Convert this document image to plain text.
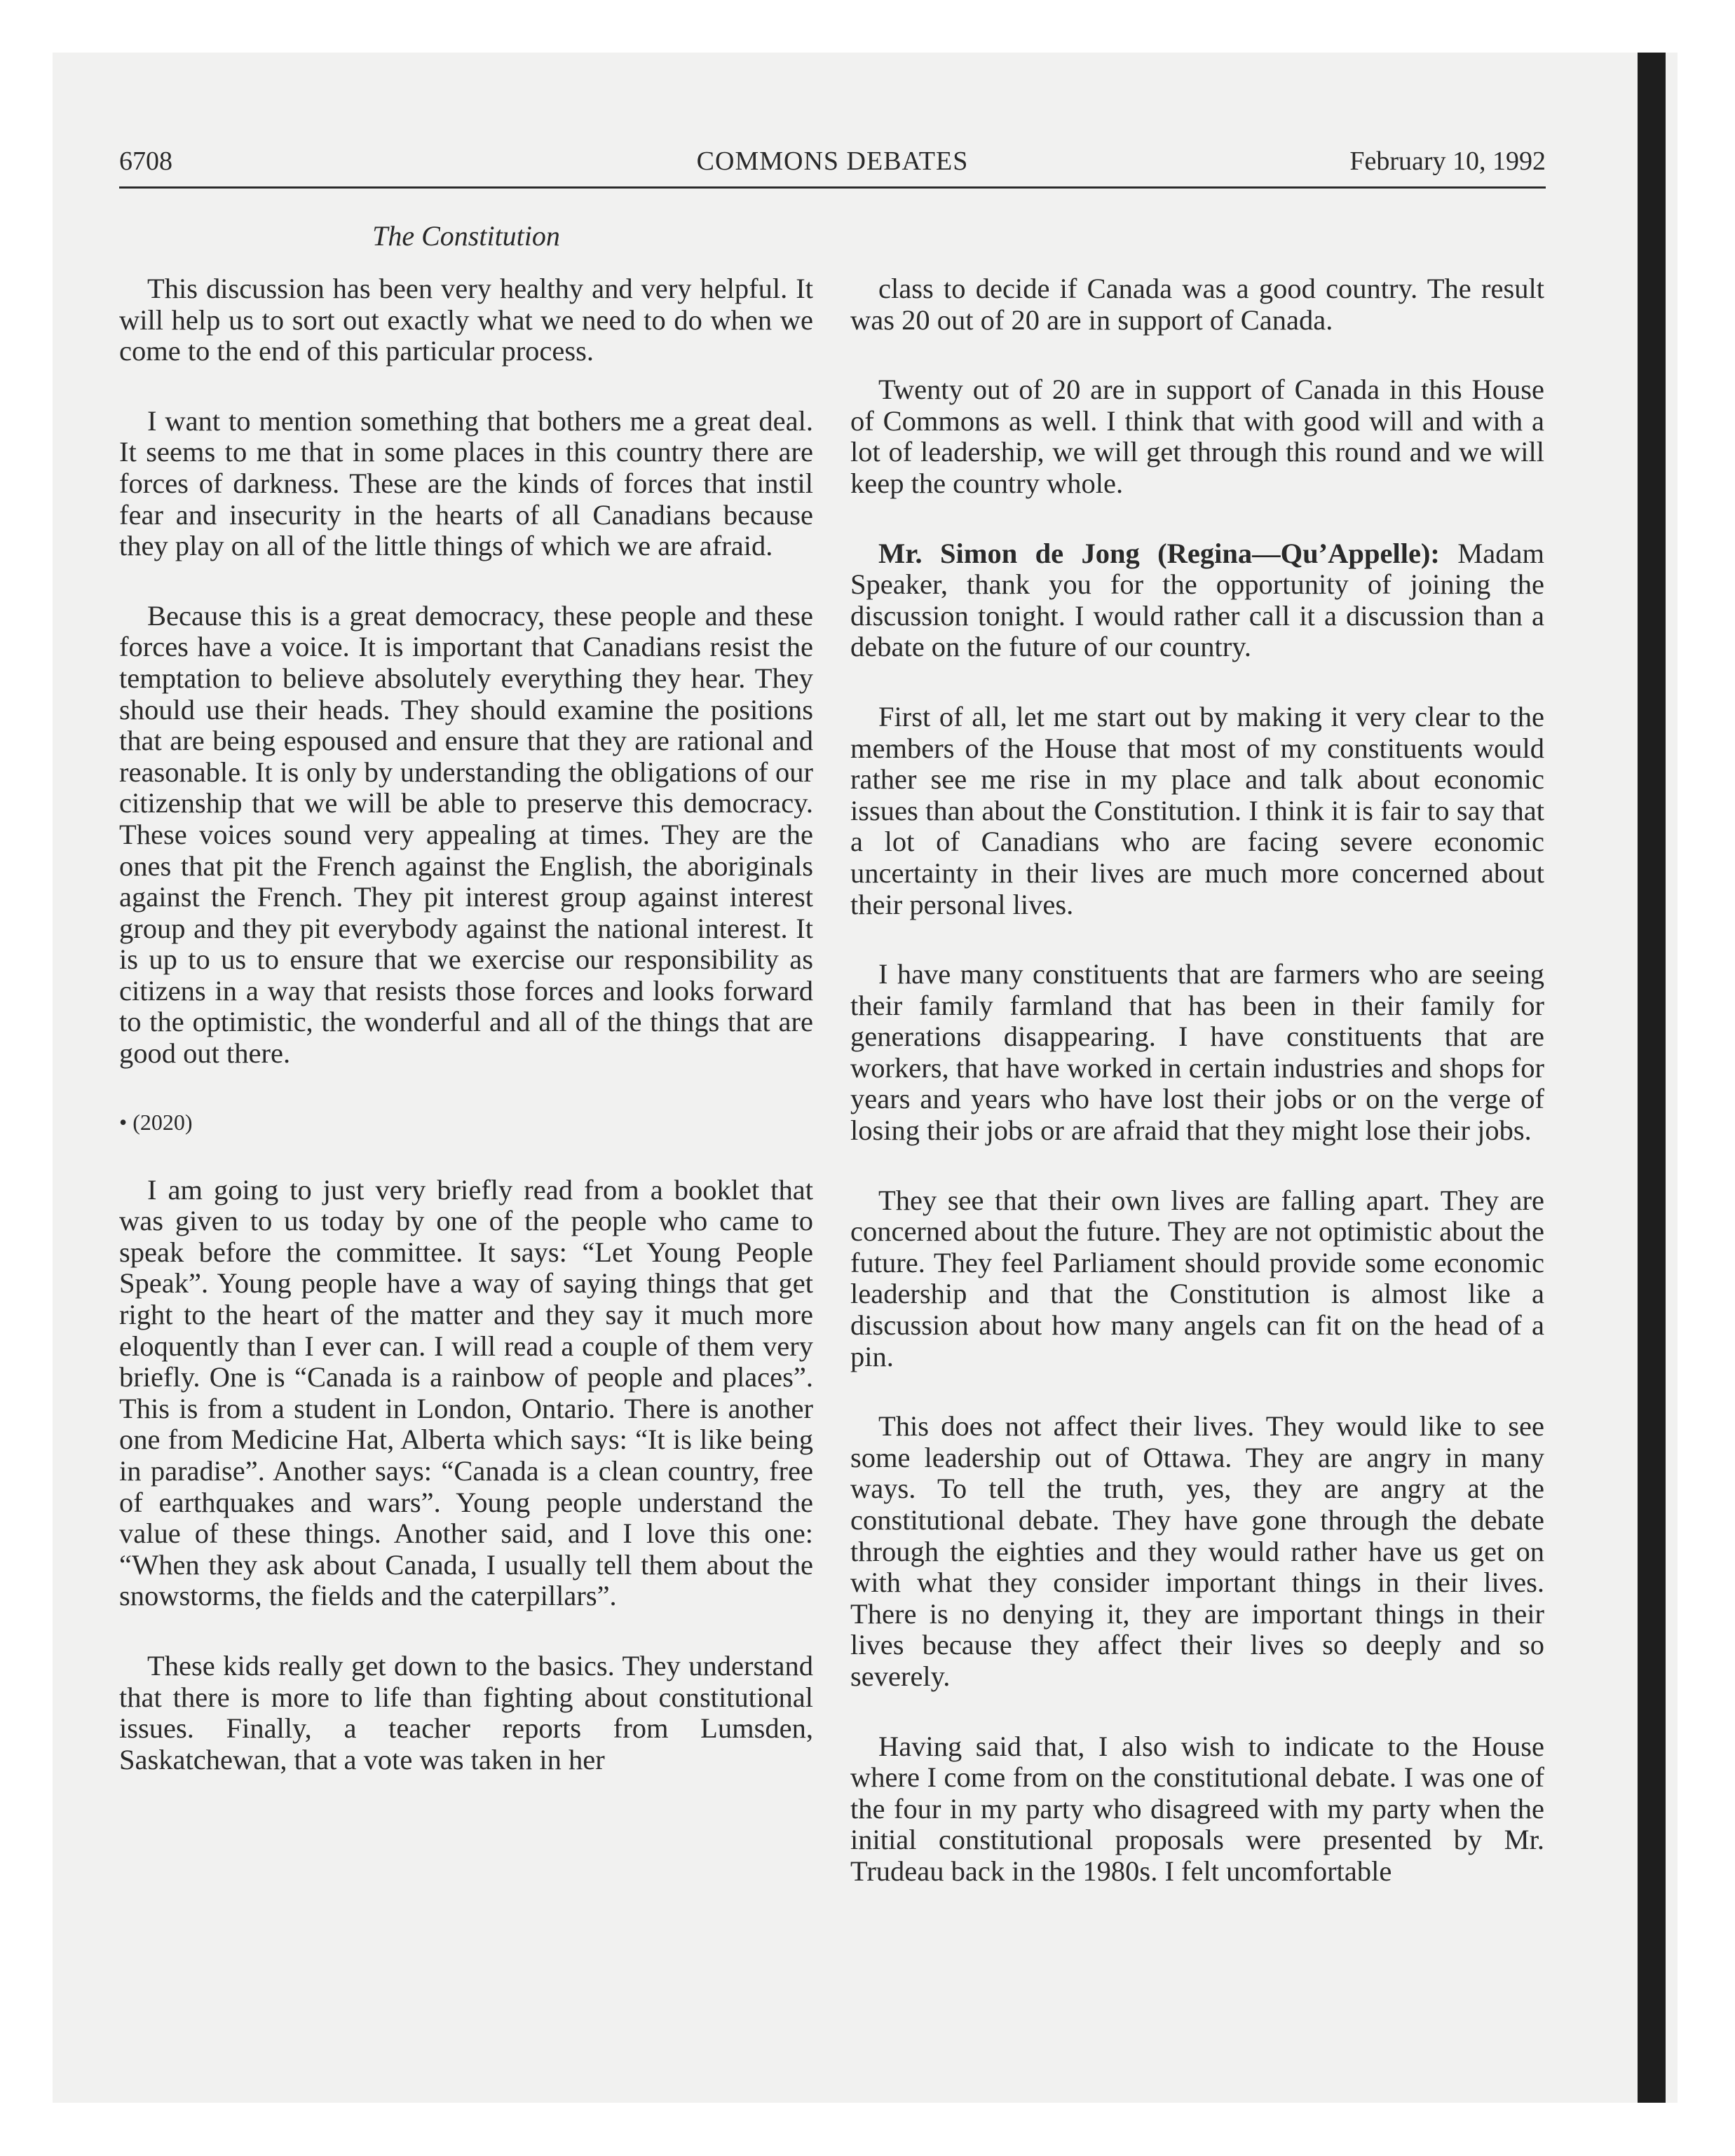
6708	COMMONS DEBATES	February 10, 1992
The Constitution

This discussion has been very healthy and very helpful. It will help us to sort out exactly what we need to do when we come to the end of this particular process.

I want to mention something that bothers me a great deal. It seems to me that in some places in this country there are forces of darkness. These are the kinds of forces that instil fear and insecurity in the hearts of all Canadians because they play on all of the little things of which we are afraid.

Because this is a great democracy, these people and these forces have a voice. It is important that Canadians resist the temptation to believe absolutely everything they hear. They should use their heads. They should examine the positions that are being espoused and ensure that they are rational and reasonable. It is only by understanding the obligations of our citizenship that we will be able to preserve this democracy. These voices sound very appealing at times. They are the ones that pit the French against the English, the aboriginals against the French. They pit interest group against interest group and they pit everybody against the national interest. It is up to us to ensure that we exercise our responsibility as citizens in a way that resists those forces and looks forward to the optimistic, the wonderful and all of the things that are good out there.

• (2020)

I am going to just very briefly read from a booklet that was given to us today by one of the people who came to speak before the committee. It says: “Let Young People Speak”. Young people have a way of saying things that get right to the heart of the matter and they say it much more eloquently than I ever can. I will read a couple of them very briefly. One is “Canada is a rainbow of people and places”. This is from a student in London, Ontario. There is another one from Medicine Hat, Alberta which says: “It is like being in paradise”. Another says: “Canada is a clean country, free of earthquakes and wars”. Young people understand the value of these things. Another said, and I love this one: “When they ask about Canada, I usually tell them about the snowstorms, the fields and the caterpillars”.

These kids really get down to the basics. They understand that there is more to life than fighting about constitutional issues. Finally, a teacher reports from Lumsden, Saskatchewan, that a vote was taken in her

class to decide if Canada was a good country. The result was 20 out of 20 are in support of Canada.

Twenty out of 20 are in support of Canada in this House of Commons as well. I think that with good will and with a lot of leadership, we will get through this round and we will keep the country whole.

Mr. Simon de Jong (Regina—Qu’Appelle): Madam Speaker, thank you for the opportunity of joining the discussion tonight. I would rather call it a discussion than a debate on the future of our country.

First of all, let me start out by making it very clear to the members of the House that most of my constituents would rather see me rise in my place and talk about economic issues than about the Constitution. I think it is fair to say that a lot of Canadians who are facing severe economic uncertainty in their lives are much more concerned about their personal lives.

I have many constituents that are farmers who are seeing their family farmland that has been in their family for generations disappearing. I have constituents that are workers, that have worked in certain industries and shops for years and years who have lost their jobs or on the verge of losing their jobs or are afraid that they might lose their jobs.

They see that their own lives are falling apart. They are concerned about the future. They are not optimistic about the future. They feel Parliament should provide some economic leadership and that the Constitution is almost like a discussion about how many angels can fit on the head of a pin.

This does not affect their lives. They would like to see some leadership out of Ottawa. They are angry in many ways. To tell the truth, yes, they are angry at the constitutional debate. They have gone through the debate through the eighties and they would rather have us get on with what they consider important things in their lives. There is no denying it, they are important things in their lives because they affect their lives so deeply and so severely.

Having said that, I also wish to indicate to the House where I come from on the constitutional debate. I was one of the four in my party who disagreed with my party when the initial constitutional proposals were presented by Mr. Trudeau back in the 1980s. I felt uncomfortable
